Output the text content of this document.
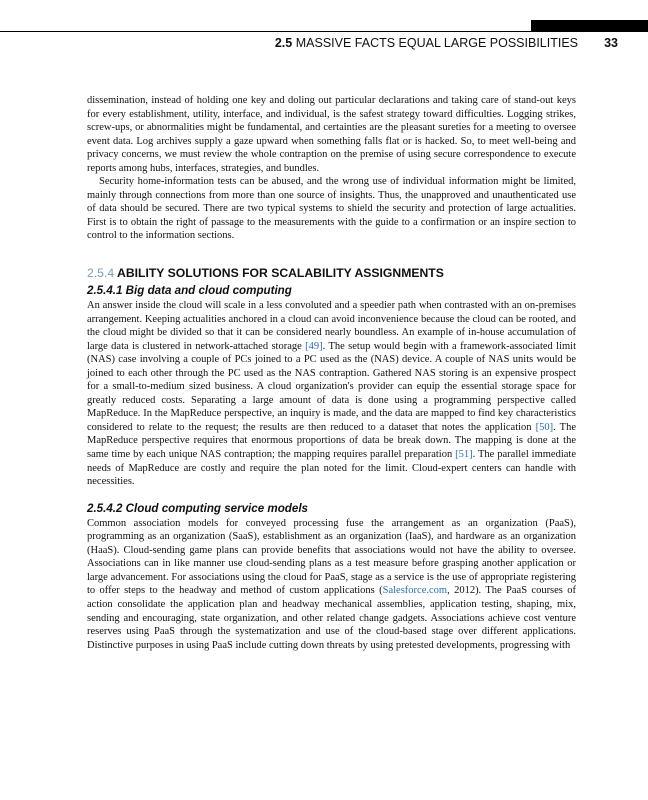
2.5 MASSIVE FACTS EQUAL LARGE POSSIBILITIES 33

dissemination, instead of holding one key and doling out particular declarations and taking care of stand-out keys for every establishment, utility, interface, and individual, is the safest strategy toward difficulties. Logging strikes, screw-ups, or abnormalities might be fundamental, and certainties are the pleasant sureties for a meeting to oversee event data. Log archives supply a gaze upward when something falls flat or is hacked. So, to meet well-being and privacy concerns, we must review the whole contraption on the premise of using secure correspondence to execute reports among hubs, interfaces, strategies, and bundles.

Security home-information tests can be abused, and the wrong use of individual information might be limited, mainly through connections from more than one source of insights. Thus, the unapproved and unauthenticated use of data should be secured. There are two typical systems to shield the security and protection of large actualities. First is to obtain the right of passage to the measurements with the guide to a confirmation or an inspire section to control to the information sections.

2.5.4 ABILITY SOLUTIONS FOR SCALABILITY ASSIGNMENTS
2.5.4.1 Big data and cloud computing

An answer inside the cloud will scale in a less convoluted and a speedier path when contrasted with an on-premises arrangement. Keeping actualities anchored in a cloud can avoid inconvenience because the cloud can be rooted, and the cloud might be divided so that it can be considered nearly boundless. An example of in-house accumulation of large data is clustered in network-attached storage [49]. The setup would begin with a framework-associated limit (NAS) case involving a couple of PCs joined to a PC used as the (NAS) device. A couple of NAS units would be joined to each other through the PC used as the NAS contraption. Gathered NAS storing is an expensive prospect for a small-to-medium sized business. A cloud organization's provider can equip the essential storage space for greatly reduced costs. Separating a large amount of data is done using a programming perspective called MapReduce. In the MapReduce perspective, an inquiry is made, and the data are mapped to find key characteristics considered to relate to the request; the results are then reduced to a dataset that notes the application [50]. The MapReduce perspective requires that enormous proportions of data be break down. The mapping is done at the same time by each unique NAS contraption; the mapping requires parallel preparation [51]. The parallel immediate needs of MapReduce are costly and require the plan noted for the limit. Cloud-expert centers can handle with necessities.

2.5.4.2 Cloud computing service models

Common association models for conveyed processing fuse the arrangement as an organization (PaaS), programming as an organization (SaaS), establishment as an organization (IaaS), and hardware as an organization (HaaS). Cloud-sending game plans can provide benefits that associations would not have the ability to oversee. Associations can in like manner use cloud-sending plans as a test measure before grasping another application or large advancement. For associations using the cloud for PaaS, stage as a service is the use of appropriate registering to offer steps to the headway and method of custom applications (Salesforce.com, 2012). The PaaS courses of action consolidate the application plan and headway mechanical assemblies, application testing, shaping, mix, sending and encouraging, state organization, and other related change gadgets. Associations achieve cost venture reserves using PaaS through the systematization and use of the cloud-based stage over different applications. Distinctive purposes in using PaaS include cutting down threats by using pretested developments, progressing with
